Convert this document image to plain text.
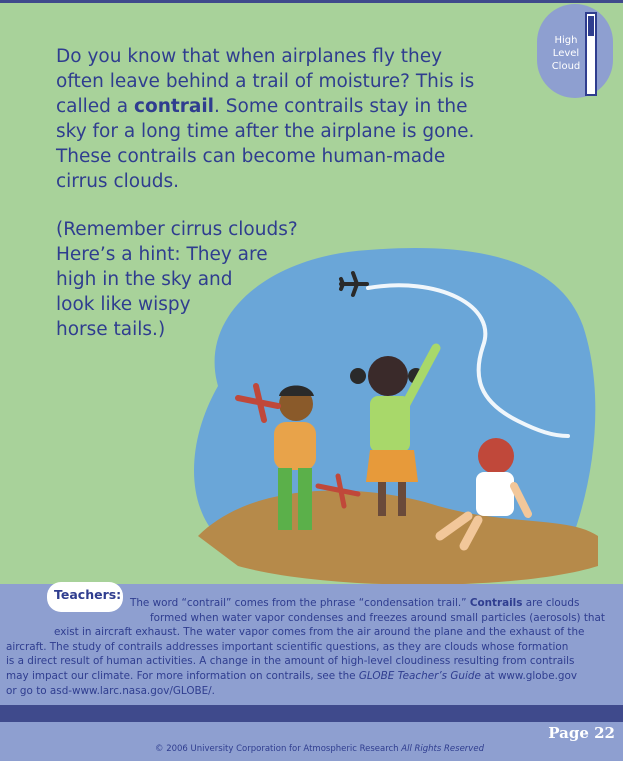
High
Level
Cloud

Do you know that when airplanes fly they often leave behind a trail of moisture? This is called a contrail. Some contrails stay in the sky for a long time after the airplane is gone. These contrails can become human-made cirrus clouds.

(Remember cirrus clouds?
Here’s a hint: They are
high in the sky and
look like wispy
horse tails.)
Teachers:
The word “contrail” comes from the phrase “condensation trail.” Contrails are clouds
formed when water vapor condenses and freezes around small particles (aerosols) that
exist in aircraft exhaust. The water vapor comes from the air around the plane and the exhaust of the
aircraft. The study of contrails addresses important scientific questions, as they are clouds whose formation
is a direct result of human activities. A change in the amount of high-level cloudiness resulting from contrails
may impact our climate. For more information on contrails, see the GLOBE Teacher’s Guide at www.globe.gov
or go to asd-www.larc.nasa.gov/GLOBE/.
Page 22
© 2006 University Corporation for Atmospheric Research All Rights Reserved
